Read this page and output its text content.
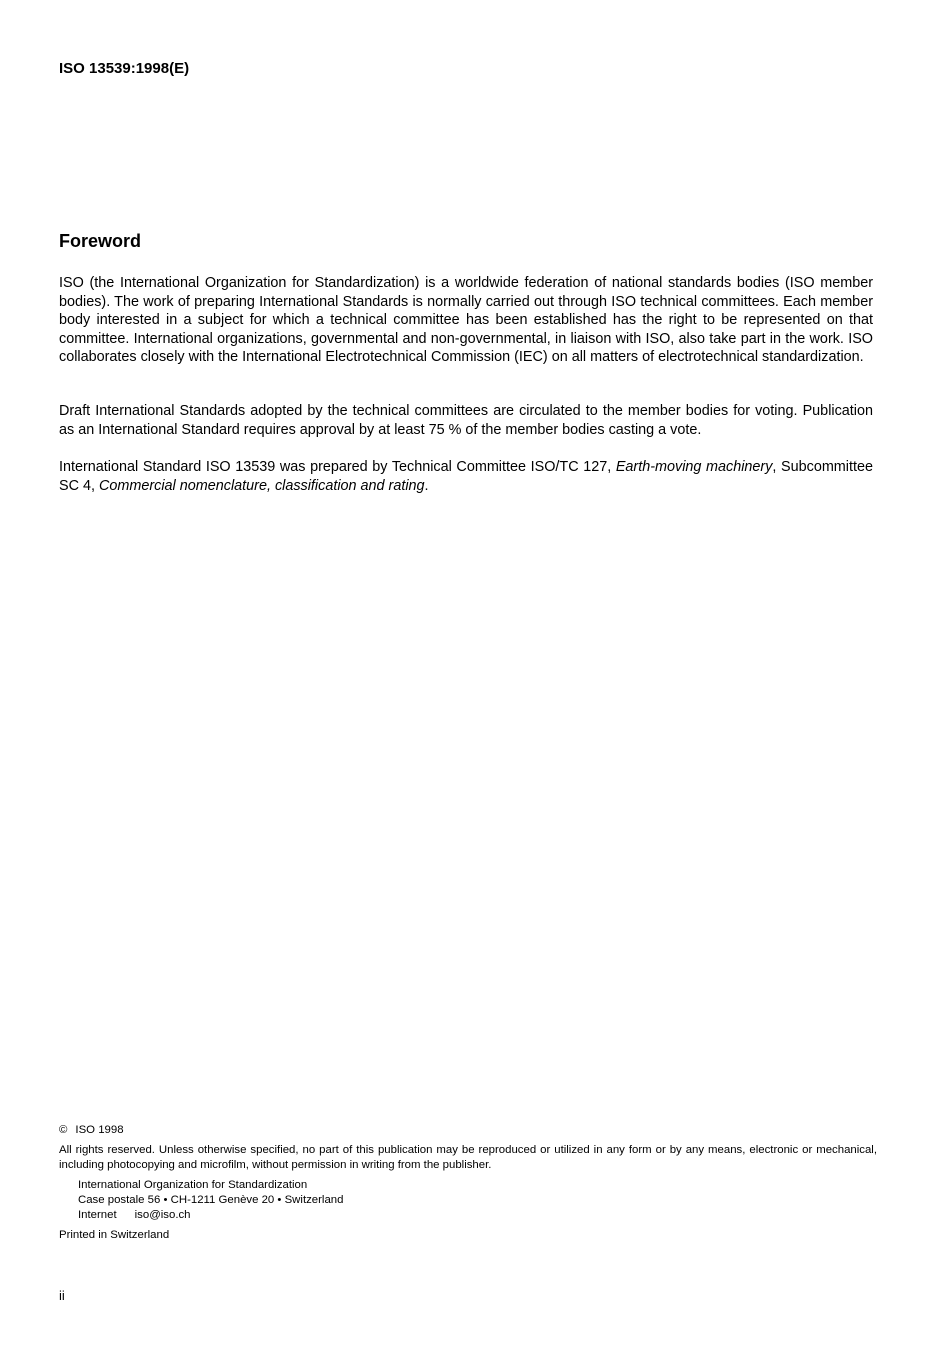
ISO 13539:1998(E)
Foreword

ISO (the International Organization for Standardization) is a worldwide federation of national standards bodies (ISO member bodies). The work of preparing International Standards is normally carried out through ISO technical committees. Each member body interested in a subject for which a technical committee has been established has the right to be represented on that committee. International organizations, governmental and non-governmental, in liaison with ISO, also take part in the work. ISO collaborates closely with the International Electrotechnical Commission (IEC) on all matters of electrotechnical standardization.

Draft International Standards adopted by the technical committees are circulated to the member bodies for voting. Publication as an International Standard requires approval by at least 75 % of the member bodies casting a vote.

International Standard ISO 13539 was prepared by Technical Committee ISO/TC 127, Earth-moving machinery, Subcommittee SC 4, Commercial nomenclature, classification and rating.

© ISO 1998
All rights reserved. Unless otherwise specified, no part of this publication may be reproduced or utilized in any form or by any means, electronic or mechanical, including photocopying and microfilm, without permission in writing from the publisher.
International Organization for Standardization
Case postale 56 • CH-1211 Genève 20 • Switzerland
Internet iso@iso.ch
Printed in Switzerland
ii
